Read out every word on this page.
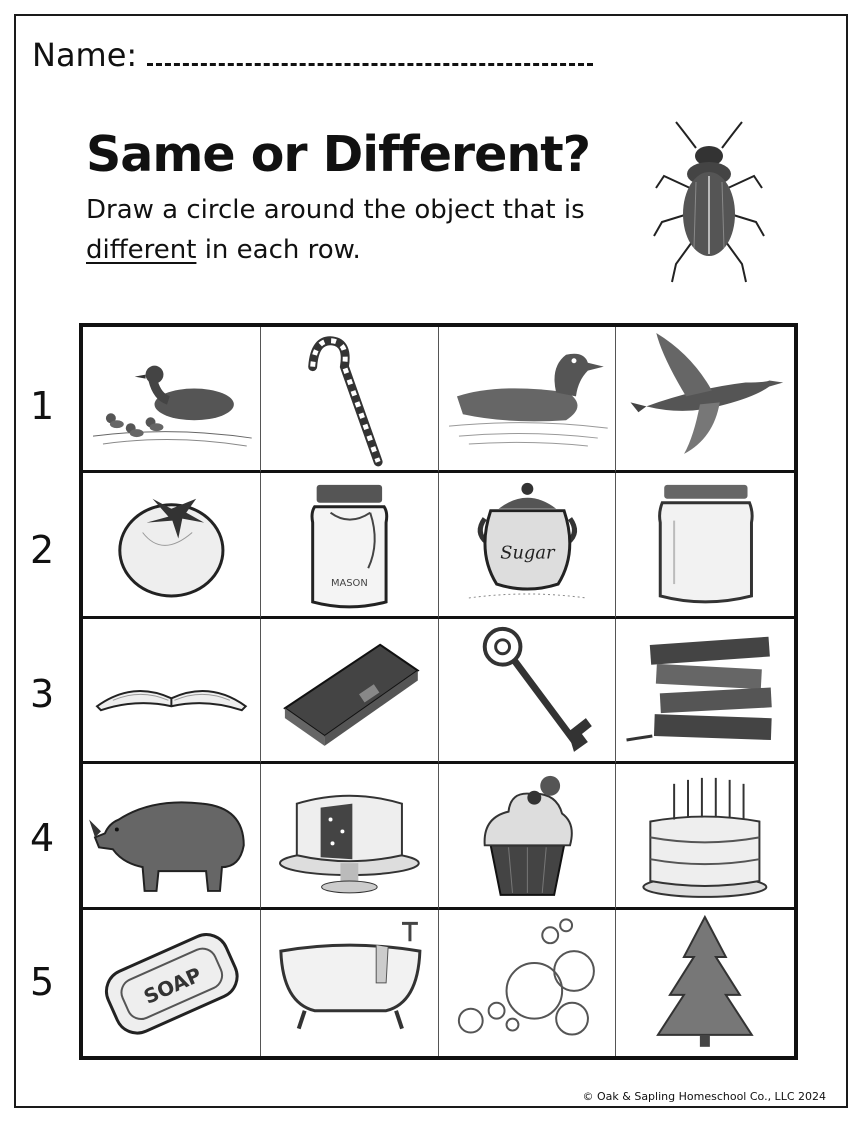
Name:
Same or Different?
Draw a circle around the object that is
different in each row.
1
2
3
4
5
MASON
Sugar
SOAP
© Oak & Sapling Homeschool Co., LLC 2024
